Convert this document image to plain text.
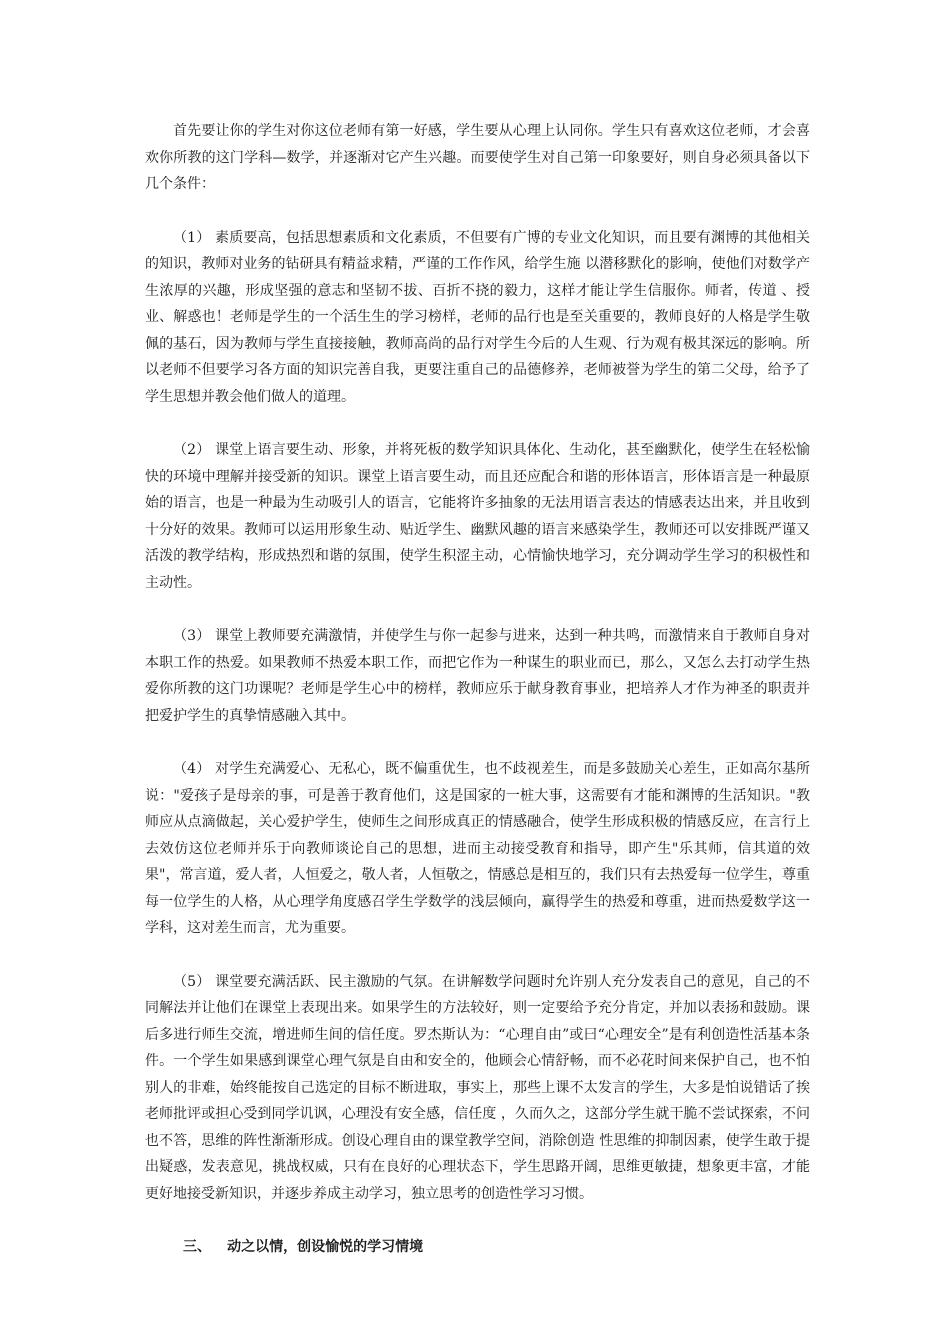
首先要让你的学生对你这位老师有第一好感，学生要从心理上认同你。学生只有喜欢这位老师，才会喜欢你所教的这门学科—数学，并逐渐对它产生兴趣。而要使学生对自己第一印象要好，则自身必须具备以下几个条件：

（1） 素质要高，包括思想素质和文化素质，不但要有广博的专业文化知识，而且要有渊博的其他相关的知识，教师对业务的钻研具有精益求精，严谨的工作作风，给学生施 以潜移默化的影响，使他们对数学产生浓厚的兴趣，形成坚强的意志和坚韧不拔、百折不挠的毅力，这样才能让学生信服你。师者，传道 、授业、解惑也！老师是学生的一个活生生的学习榜样，老师的品行也是至关重要的，教师良好的人格是学生敬佩的基石，因为教师与学生直接接触，教师高尚的品行对学生今后的人生观、行为观有极其深远的影响。所以老师不但要学习各方面的知识完善自我，更要注重自己的品德修养，老师被誉为学生的第二父母，给予了学生思想并教会他们做人的道理。

（2） 课堂上语言要生动、形象，并将死板的数学知识具体化、生动化，甚至幽默化，使学生在轻松愉快的环境中理解并接受新的知识。课堂上语言要生动，而且还应配合和谐的形体语言，形体语言是一种最原始的语言，也是一种最为生动吸引人的语言，它能将许多抽象的无法用语言表达的情感表达出来，并且收到十分好的效果。教师可以运用形象生动、贴近学生、幽默风趣的语言来感染学生，教师还可以安排既严谨又活泼的教学结构，形成热烈和谐的氛围，使学生积涩主动，心情愉快地学习，充分调动学生学习的积极性和主动性。

（3） 课堂上教师要充满激情，并使学生与你一起参与进来，达到一种共鸣，而激情来自于教师自身对本职工作的热爱。如果教师不热爱本职工作，而把它作为一种谋生的职业而已，那么，又怎么去打动学生热爱你所教的这门功课呢？老师是学生心中的榜样，教师应乐于献身教育事业，把培养人才作为神圣的职责并把爱护学生的真挚情感融入其中。

（4） 对学生充满爱心、无私心，既不偏重优生，也不歧视差生，而是多鼓励关心差生，正如高尔基所说："爱孩子是母亲的事，可是善于教育他们，这是国家的一桩大事，这需要有才能和渊博的生活知识。"教师应从点滴做起，关心爱护学生，使师生之间形成真正的情感融合，使学生形成积极的情感反应，在言行上去效仿这位老师并乐于向教师谈论自己的思想，进而主动接受教育和指导，即产生"乐其师，信其道的效果"，常言道，爱人者，人恒爱之，敬人者，人恒敬之，情感总是相互的，我们只有去热爱每一位学生，尊重每一位学生的人格，从心理学角度感召学生学数学的浅层倾向，赢得学生的热爱和尊重，进而热爱数学这一学科，这对差生而言，尤为重要。

（5） 课堂要充满活跃、民主激励的气氛。在讲解数学问题时允许别人充分发表自己的意见，自己的不同解法并让他们在课堂上表现出来。如果学生的方法较好，则一定要给予充分肯定，并加以表扬和鼓励。课后多进行师生交流，增进师生间的信任度。罗杰斯认为：“心理自由”或曰“心理安全”是有利创造性活基本条件。一个学生如果感到课堂心理气氛是自由和安全的，他顾会心情舒畅，而不必花时间来保护自己，也不怕别人的非难，始终能按自己选定的目标不断进取，事实上，那些上课不太发言的学生，大多是怕说错话了挨老师批评或担心受到同学讥讽，心理没有安全感，信任度 ，久而久之，这部分学生就干脆不尝试探索，不问也不答，思维的阵性渐渐形成。创设心理自由的课堂教学空间，消除创造 性思维的抑制因素，使学生敢于提出疑惑，发表意见，挑战权威，只有在良好的心理状态下，学生思路开阔，思维更敏捷，想象更丰富，才能更好地接受新知识，并逐步养成主动学习，独立思考的创造性学习习惯。

三、 动之以情，创设愉悦的学习情境
